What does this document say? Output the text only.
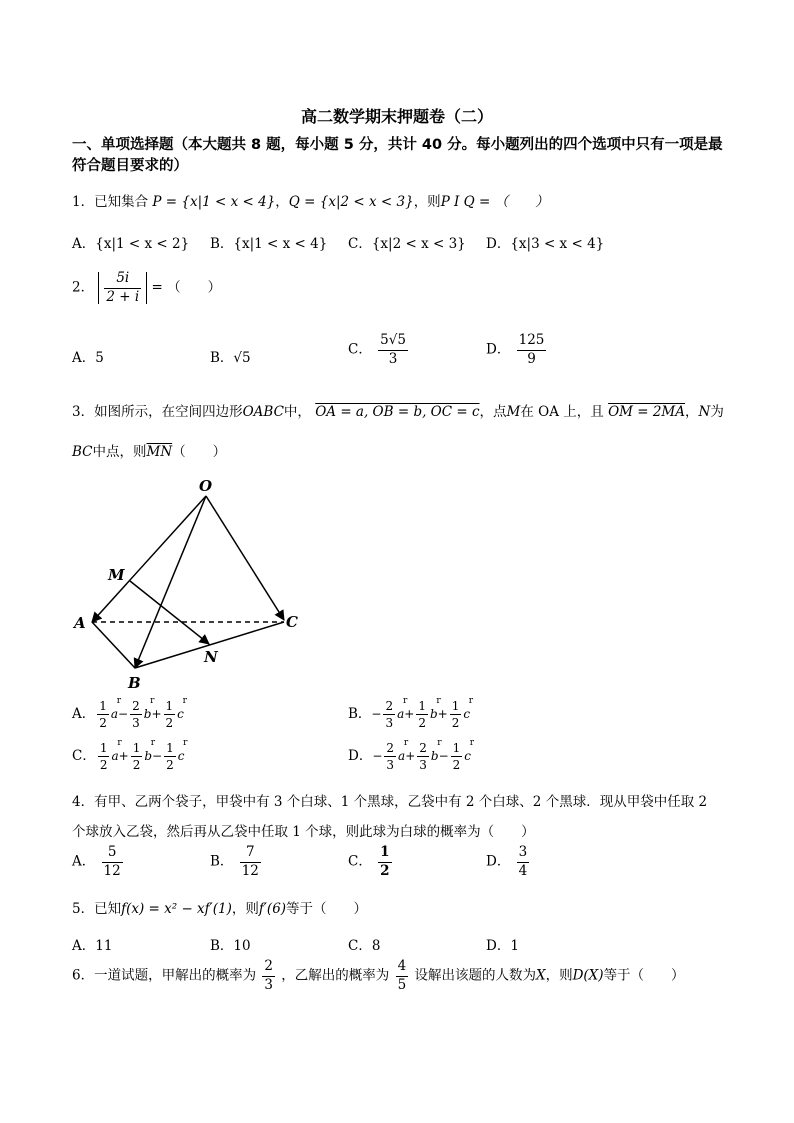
高二数学期末押题卷（二）
一、单项选择题（本大题共 8 题，每小题 5 分，共计 40 分。每小题列出的四个选项中只有一项是最符合题目要求的）
1．已知集合 P = {x|1 < x < 4}，Q = {x|2 < x < 3}，则P I Q = （　　）
A．{x|1 < x < 2} B．{x|1 < x < 4} C．{x|2 < x < 3} D．{x|3 < x < 4}
2． $\frac{5i}{2 + i}$ = （　　）
A．5	B．√5
C． $\frac{5√5}{3}$	D． $\frac{125}{9}$
3．如图所示，在空间四边形OABC中， OA = a, OB = b, OC = c，点M在 OA 上，且 OM = 2MA，N为
BC中点，则$\overline{MN}$（　　）
O
M
A	C
N
B
A． $\frac{1}{2}$ r $a- \frac{2}{3}$ r $b+ \frac{1}{2}$ r c	B．− $\frac{2}{3}$ r $a+ \frac{1}{2}$ r $b+ \frac{1}{2}$ r c
C． $\frac{1}{2}$ r $a+ \frac{1}{2}$ r $b- \frac{1}{2}$ r c	D．− $\frac{2}{3}$ r $a+ \frac{2}{3}$ r $b- \frac{1}{2}$ r c
4．有甲、乙两个袋子，甲袋中有 3 个白球、1 个黑球，乙袋中有 2 个白球、2 个黑球．现从甲袋中任取 2
个球放入乙袋，然后再从乙袋中任取 1 个球，则此球为白球的概率为（　　）
A． $\frac{5}{12}$	B． $\frac{7}{12}$	C． $\frac{1}{2}$	D． $\frac{3}{4}$
5．已知f(x) = x² − xf′(1)，则f′(6)等于（　　）
A．11	B．10	C．8	D．1
6．一道试题，甲解出的概率为 $\frac{2}{3}$ ，乙解出的概率为 $\frac{4}{5}$ 设解出该题的人数为X，则D(X)等于（　　）
